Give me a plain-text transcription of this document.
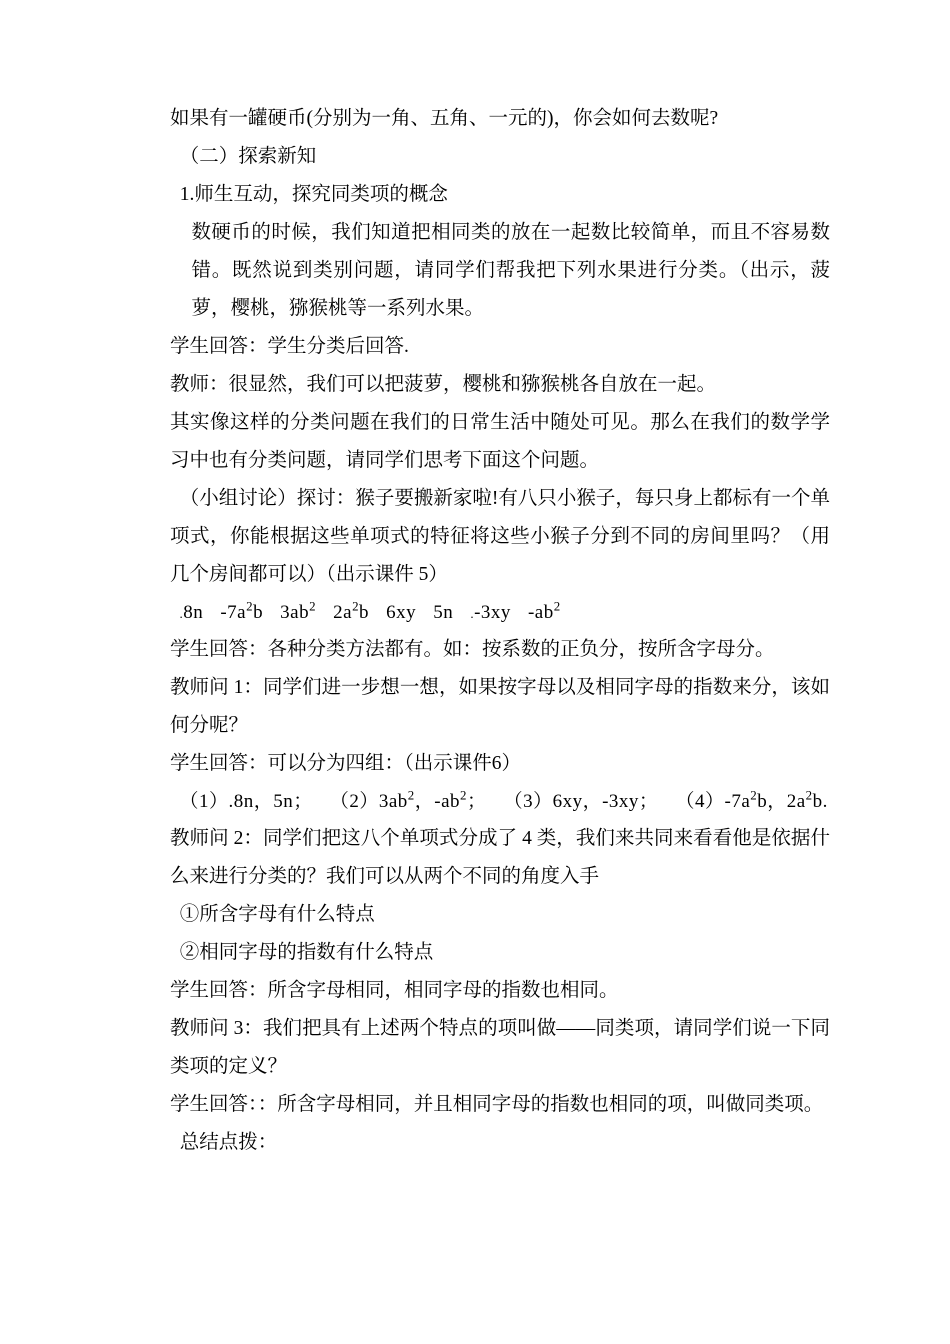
如果有一罐硬币(分别为一角、五角、一元的)，你会如何去数呢?

（二）探索新知

1.师生互动，探究同类项的概念

数硬币的时候，我们知道把相同类的放在一起数比较简单，而且不容易数错。既然说到类别问题，请同学们帮我把下列水果进行分类。（出示，菠萝，樱桃，猕猴桃等一系列水果。

学生回答：学生分类后回答.

教师：很显然，我们可以把菠萝，樱桃和猕猴桃各自放在一起。

其实像这样的分类问题在我们的日常生活中随处可见。那么在我们的数学学习中也有分类问题，请同学们思考下面这个问题。

（小组讨论）探讨：猴子要搬新家啦!有八只小猴子，每只身上都标有一个单项式，你能根据这些单项式的特征将这些小猴子分到不同的房间里吗？（用几个房间都可以）（出示课件 5）

.8n $-7a^2b$ $3ab^2$ $2a^2b$ 6xy 5n .-3xy $-ab^2$

学生回答：各种分类方法都有。如：按系数的正负分，按所含字母分。

教师问 1：同学们进一步想一想，如果按字母以及相同字母的指数来分，该如何分呢？

学生回答：可以分为四组：（出示课件6）

（1）.8n，5n； $(2)3ab^2$，$-ab^2$； （3）6xy，-3xy； $(4)-7a^2b$，$2a^2b$.

教师问 2：同学们把这八个单项式分成了 4 类，我们来共同来看看他是依据什么来进行分类的？我们可以从两个不同的角度入手

①所含字母有什么特点

②相同字母的指数有什么特点

学生回答：所含字母相同，相同字母的指数也相同。

教师问 3：我们把具有上述两个特点的项叫做——同类项，请同学们说一下同类项的定义？

学生回答：：所含字母相同，并且相同字母的指数也相同的项，叫做同类项。

总结点拨：
